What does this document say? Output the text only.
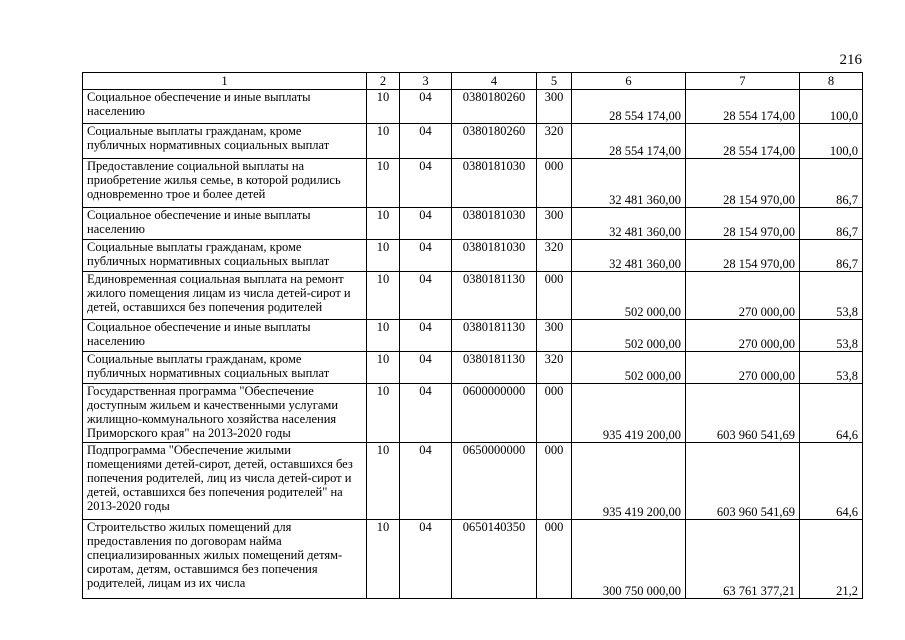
216
1	2	3	4	5	6	7	8
Социальное обеспечение и иные выплаты населению	10	04	0380180260	300	28 554 174,00	28 554 174,00	100,0
Социальные выплаты гражданам, кроме публичных нормативных социальных выплат	10	04	0380180260	320	28 554 174,00	28 554 174,00	100,0
Предоставление социальной выплаты на приобретение жилья семье, в которой родились одновременно трое и более детей	10	04	0380181030	000	32 481 360,00	28 154 970,00	86,7
Социальное обеспечение и иные выплаты населению	10	04	0380181030	300	32 481 360,00	28 154 970,00	86,7
Социальные выплаты гражданам, кроме публичных нормативных социальных выплат	10	04	0380181030	320	32 481 360,00	28 154 970,00	86,7
Единовременная социальная выплата на ремонт жилого помещения лицам из числа детей-сирот и детей, оставшихся без попечения родителей	10	04	0380181130	000	502 000,00	270 000,00	53,8
Социальное обеспечение и иные выплаты населению	10	04	0380181130	300	502 000,00	270 000,00	53,8
Социальные выплаты гражданам, кроме публичных нормативных социальных выплат	10	04	0380181130	320	502 000,00	270 000,00	53,8
Государственная программа "Обеспечение доступным жильем и качественными услугами жилищно-коммунального хозяйства населения Приморского края" на 2013-2020 годы	10	04	0600000000	000	935 419 200,00	603 960 541,69	64,6
Подпрограмма "Обеспечение жилыми помещениями детей-сирот, детей, оставшихся без попечения родителей, лиц из числа детей-сирот и детей, оставшихся без попечения родителей" на 2013-2020 годы	10	04	0650000000	000	935 419 200,00	603 960 541,69	64,6
Строительство жилых помещений для предоставления по договорам найма специализированных жилых помещений детям-сиротам, детям, оставшимся без попечения родителей, лицам из их числа	10	04	0650140350	000	300 750 000,00	63 761 377,21	21,2
